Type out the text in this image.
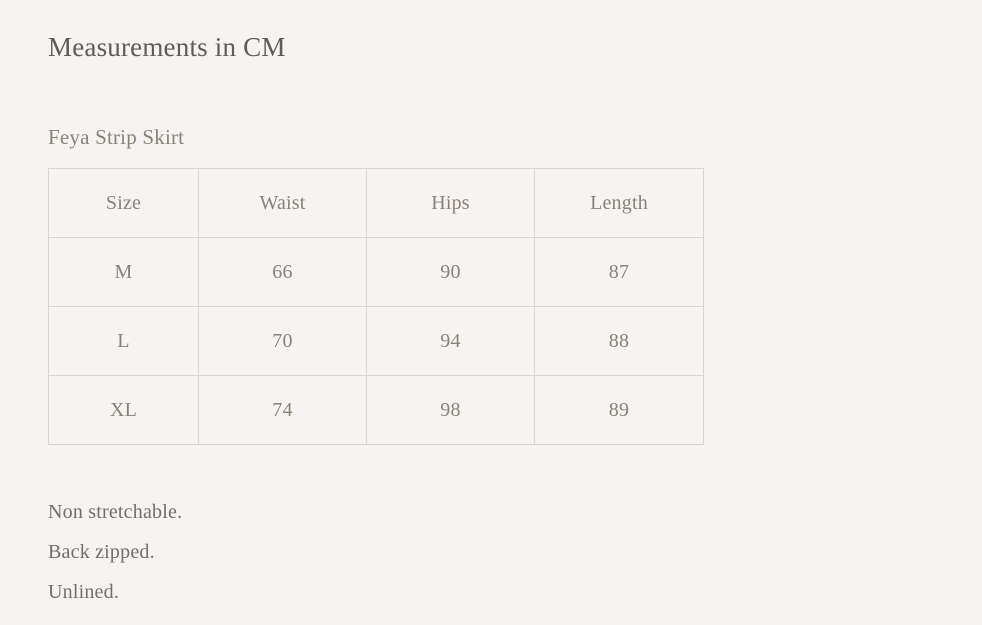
Measurements in CM
Feya Strip Skirt
Size	Waist	Hips	Length
M	66	90	87
L	70	94	88
XL	74	98	89
Non stretchable.
Back zipped.
Unlined.
